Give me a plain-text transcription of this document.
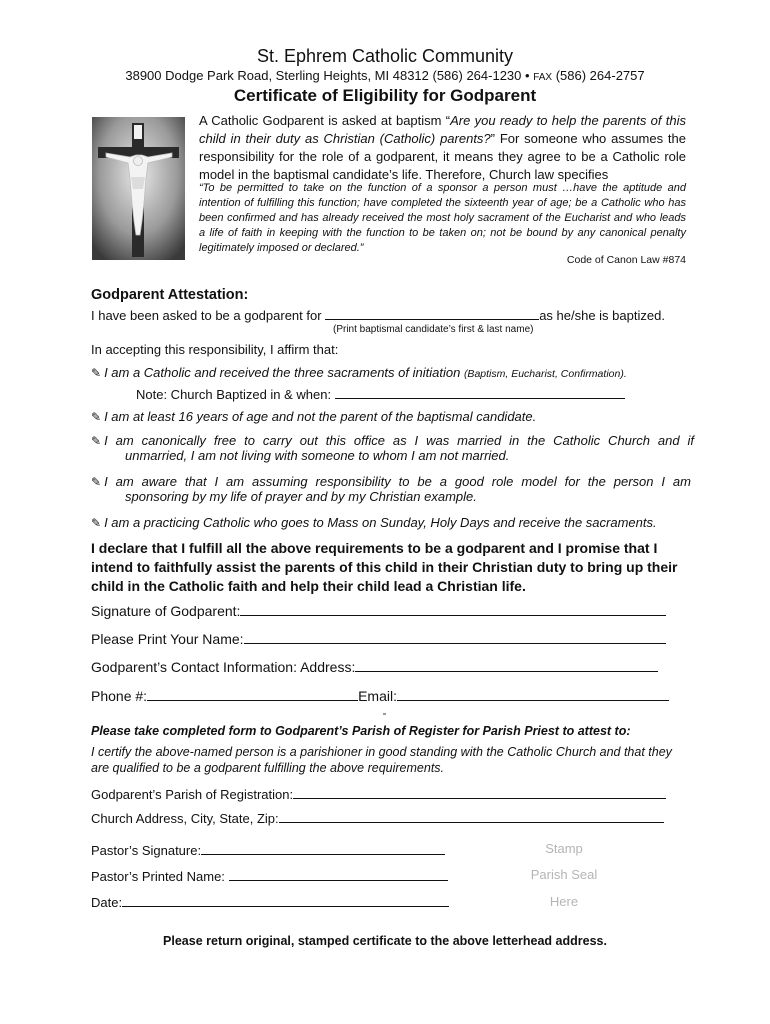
St. Ephrem Catholic Community
38900 Dodge Park Road, Sterling Heights, MI 48312 (586) 264-1230 • FAX (586) 264-2757
Certificate of Eligibility for Godparent
A Catholic Godparent is asked at baptism “Are you ready to help the parents of this child in their duty as Christian (Catholic) parents?” For someone who assumes the responsibility for the role of a godparent, it means they agree to be a Catholic role model in the baptismal candidate’s life. Therefore, Church law specifies
“To be permitted to take on the function of a sponsor a person must …have the aptitude and intention of fulfilling this function; have completed the sixteenth year of age; be a Catholic who has been confirmed and has already received the most holy sacrament of the Eucharist and who leads a life of faith in keeping with the function to be taken on; not be bound by any canonical penalty legitimately imposed or declared.”
Code of Canon Law #874
Godparent Attestation:
I have been asked to be a godparent for	as he/she is baptized.
(Print baptismal candidate’s first & last name)
In accepting this responsibility, I affirm that:
✎ I am a Catholic and received the three sacraments of initiation (Baptism, Eucharist, Confirmation).
Note: Church Baptized in & when:
✎ I am at least 16 years of age and not the parent of the baptismal candidate.
✎ I am canonically free to carry out this office as I was married in the Catholic Church and if
unmarried, I am not living with someone to whom I am not married.
✎ I am aware that I am assuming responsibility to be a good role model for the person I am
sponsoring by my life of prayer and by my Christian example.
✎ I am a practicing Catholic who goes to Mass on Sunday, Holy Days and receive the sacraments.
I declare that I fulfill all the above requirements to be a godparent and I promise that I intend to faithfully assist the parents of this child in their Christian duty to bring up their child in the Catholic faith and help their child lead a Christian life.
Signature of Godparent:
Please Print Your Name:
Godparent’s Contact Information: Address:
Phone #:	Email:
Please take completed form to Godparent’s Parish of Register for Parish Priest to attest to:
I certify the above-named person is a parishioner in good standing with the Catholic Church and that they are qualified to be a godparent fulfilling the above requirements.
Godparent’s Parish of Registration:
Church Address, City, State, Zip:
Pastor’s Signature:
Pastor’s Printed Name:
Date:
Stamp
Parish Seal
Here
Please return original, stamped certificate to the above letterhead address.
